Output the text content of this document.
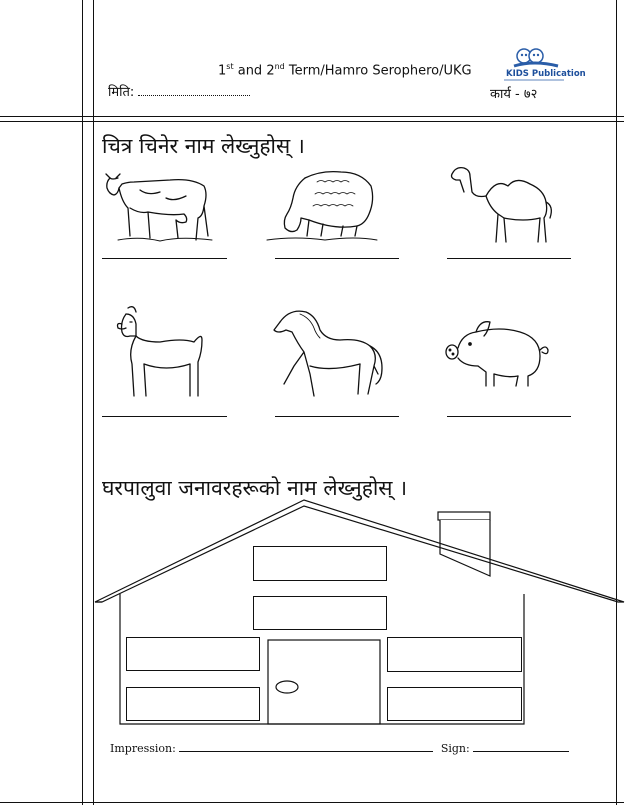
1st and 2nd Term/Hamro Serophero/UKG
मिति:	कार्य - ७२
KIDS Publication
चित्र चिनेर नाम लेख्नुहोस् ।
घरपालुवा जनावरहरूको नाम लेख्नुहोस् ।
Impression:	Sign:
